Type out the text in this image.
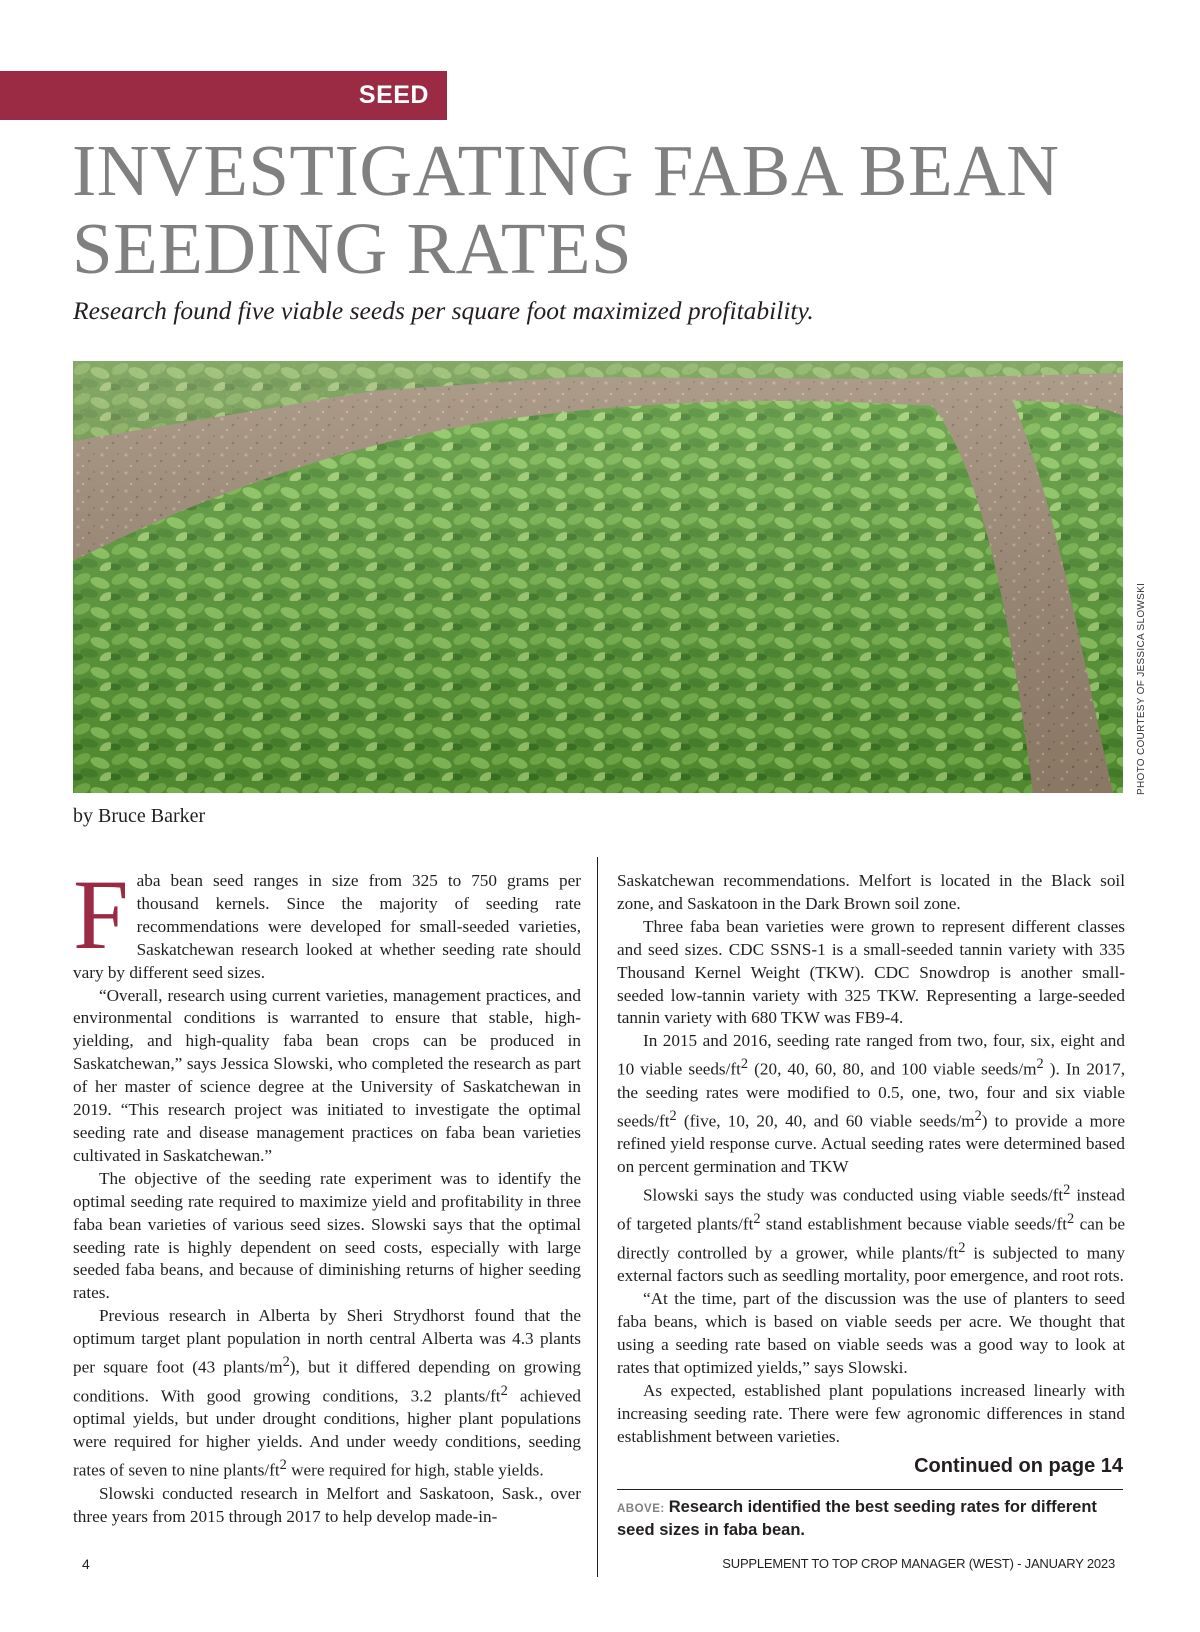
SEED
INVESTIGATING FABA BEAN SEEDING RATES

Research found five viable seeds per square foot maximized profitability.

PHOTO COURTESY OF JESSICA SLOWSKI
by Bruce Barker

Faba bean seed ranges in size from 325 to 750 grams per thousand kernels. Since the majority of seeding rate recommendations were developed for small-seeded varieties, Saskatchewan research looked at whether seeding rate should vary by different seed sizes.

“Overall, research using current varieties, management practices, and environmental conditions is warranted to ensure that stable, high-yielding, and high-quality faba bean crops can be produced in Saskatchewan,” says Jessica Slowski, who completed the research as part of her master of science degree at the University of Saskatchewan in 2019. “This research project was initiated to investigate the optimal seeding rate and disease management practices on faba bean varieties cultivated in Saskatchewan.”

The objective of the seeding rate experiment was to identify the optimal seeding rate required to maximize yield and profitability in three faba bean varieties of various seed sizes. Slowski says that the optimal seeding rate is highly dependent on seed costs, especially with large seeded faba beans, and because of diminishing returns of higher seeding rates.

Previous research in Alberta by Sheri Strydhorst found that the optimum target plant population in north central Alberta was 4.3 plants per square foot (43 plants/$m^2$), but it differed depending on growing conditions. With good growing conditions, 3.2 plants/$ft^2$ achieved optimal yields, but under drought conditions, higher plant populations were required for higher yields. And under weedy conditions, seeding rates of seven to nine plants/$ft^2$ were required for high, stable yields.

Slowski conducted research in Melfort and Saskatoon, Sask., over three years from 2015 through 2017 to help develop made-in-

Saskatchewan recommendations. Melfort is located in the Black soil zone, and Saskatoon in the Dark Brown soil zone.

Three faba bean varieties were grown to represent different classes and seed sizes. CDC SSNS-1 is a small-seeded tannin variety with 335 Thousand Kernel Weight (TKW). CDC Snowdrop is another small-seeded low-tannin variety with 325 TKW. Representing a large-seeded tannin variety with 680 TKW was FB9-4.

In 2015 and 2016, seeding rate ranged from two, four, six, eight and 10 viable seeds/$ft^2$ (20, 40, 60, 80, and 100 viable seeds/$m^2$ ). In 2017, the seeding rates were modified to 0.5, one, two, four and six viable seeds/$ft^2$ (five, 10, 20, 40, and 60 viable seeds/$m^2$) to provide a more refined yield response curve. Actual seeding rates were determined based on percent germination and TKW

Slowski says the study was conducted using viable seeds/$ft^2$ instead of targeted plants/$ft^2$ stand establishment because viable seeds/$ft^2$ can be directly controlled by a grower, while plants/$ft^2$ is subjected to many external factors such as seedling mortality, poor emergence, and root rots.

“At the time, part of the discussion was the use of planters to seed faba beans, which is based on viable seeds per acre. We thought that using a seeding rate based on viable seeds was a good way to look at rates that optimized yields,” says Slowski.

As expected, established plant populations increased linearly with increasing seeding rate. There were few agronomic differences in stand establishment between varieties.

Continued on page 14
ABOVE: Research identified the best seeding rates for different seed sizes in faba bean.
4	SUPPLEMENT TO TOP CROP MANAGER (WEST) - JANUARY 2023
